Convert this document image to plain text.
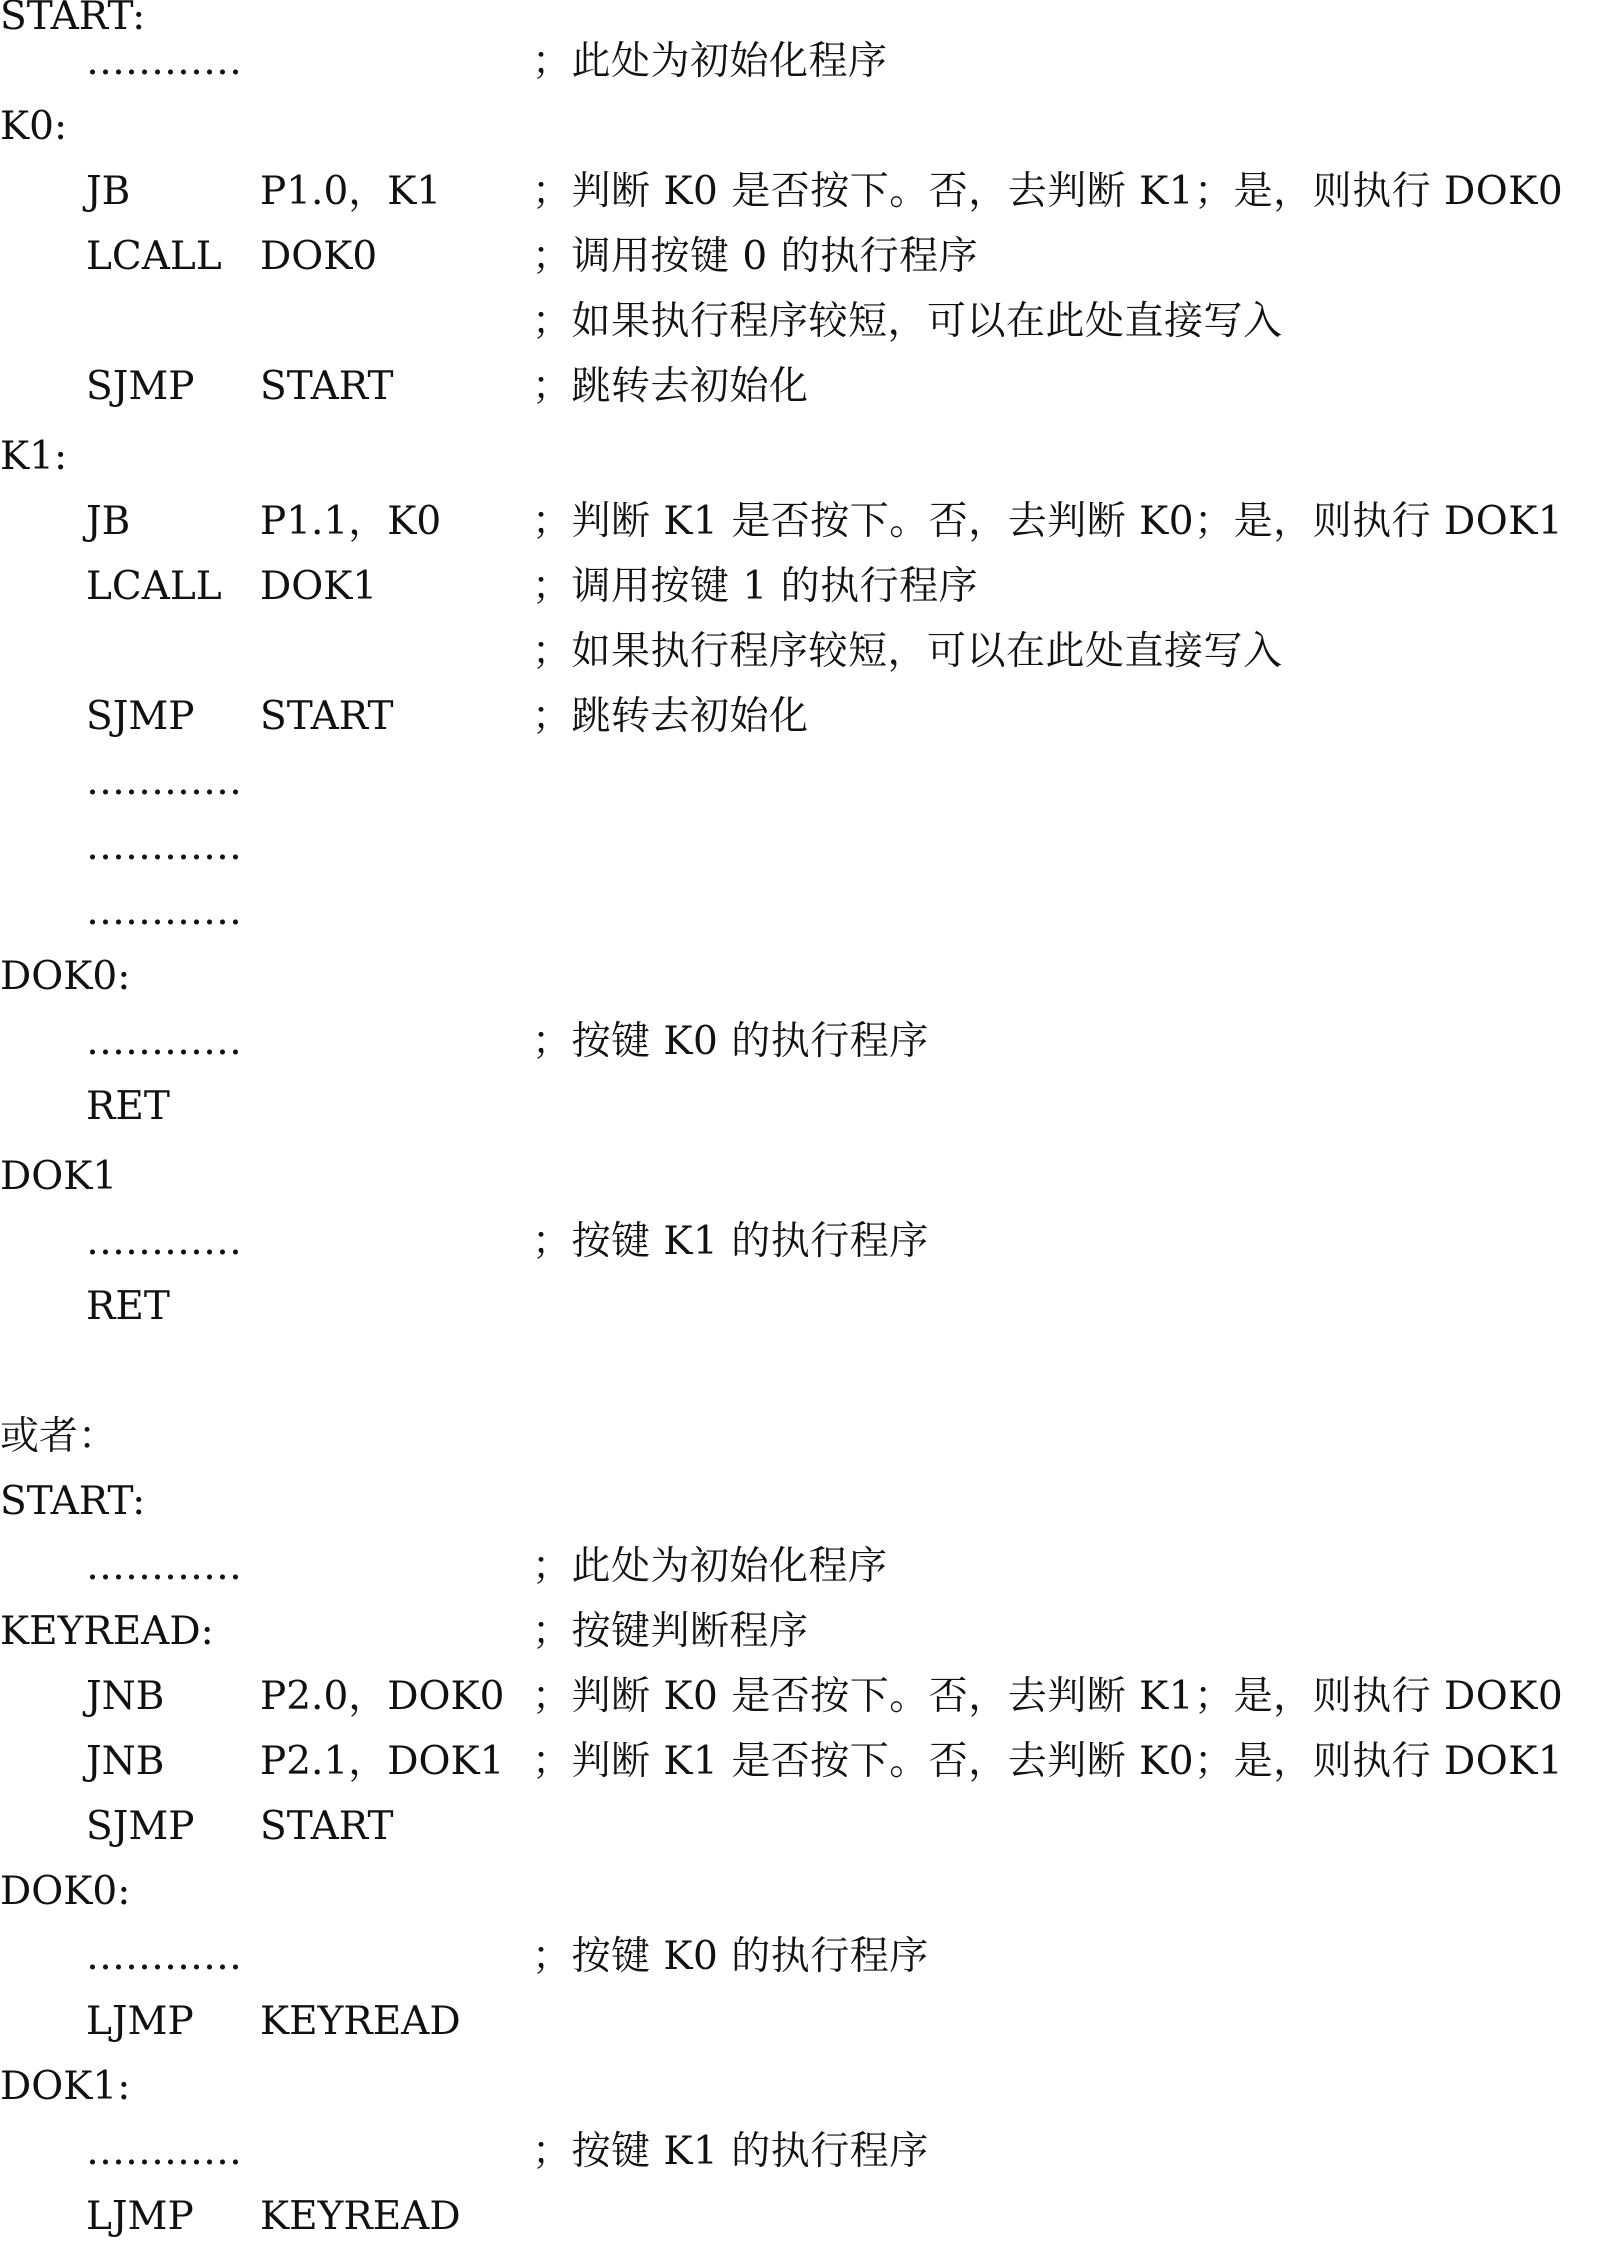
START:
…………	；此处为初始化程序
K0:
JB	P1.0，K1 ；判断 K0 是否按下。否，去判断 K1；是，则执行 DOK0
LCALL DOK0	；调用按键 0 的执行程序
；如果执行程序较短，可以在此处直接写入
SJMP START	；跳转去初始化
K1:
JB	P1.1，K0 ；判断 K1 是否按下。否，去判断 K0；是，则执行 DOK1
LCALL DOK1	；调用按键 1 的执行程序
；如果执行程序较短，可以在此处直接写入
SJMP START	；跳转去初始化
…………
…………
…………
DOK0:
…………	；按键 K0 的执行程序
RET
DOK1
…………	；按键 K1 的执行程序
RET
或者：
START:
…………	；此处为初始化程序
KEYREAD:	；按键判断程序
JNB P2.0，DOK0 ；判断 K0 是否按下。否，去判断 K1；是，则执行 DOK0
JNB P2.1，DOK1 ；判断 K1 是否按下。否，去判断 K0；是，则执行 DOK1
SJMP START
DOK0:
…………	；按键 K0 的执行程序
LJMP KEYREAD
DOK1:
…………	；按键 K1 的执行程序
LJMP KEYREAD
